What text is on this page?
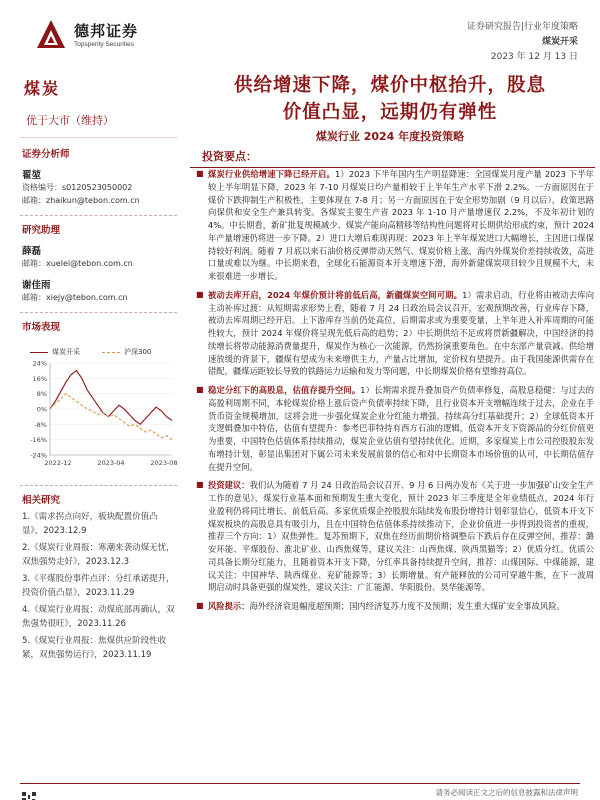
德邦证券
Topsperity Securities
证券研究报告|行业年度策略
煤炭开采
2023 年 12 月 13 日
煤炭
优于大市（维持）
证券分析师
翟堃
资格编号：s0120523050002
邮箱：zhaikun@tebon.com.cn
研究助理
薛磊
邮箱：xuelei@tebon.com.cn
谢佳雨
邮箱：xiejy@tebon.com.cn
市场表现
煤炭开采	沪深300
-24%
-16%
-8%
0%
8%
16%
24%
2022-12	2023-04	2023-08
相关研究
1.《需求拐点向好，板块配置价值凸显》，2023.12.9
2.《煤炭行业周报：寒潮来袭动煤无忧，双焦强势走好》，2023.12.3
3.《平煤股份事件点评：分红承诺提升，投资价值凸显》，2023.11.29
4.《煤炭行业周报：动煤底部再确认，双焦强势很旺》，2023.11.26
5.《煤炭行业周报：焦煤供应阶段性收紧，双焦强势运行》，2023.11.19
供给增速下降，煤价中枢抬升，股息
价值凸显，远期仍有弹性
煤炭行业 2024 年度投资策略
投资要点：
■ 煤炭行业供给增速下降已经开启。1）2023 下半年国内生产明显降速：全国煤炭月度产量 2023 下半年较上半年明显下降，2023 年 7-10 月煤炭日均产量相较于上半年生产水平下滑 2.2%。一方面原因在于煤价下跌抑制生产积极性，主要体现在 7-8 月；另一方面原因在于安全形势加剧（9 月以后），政策思路向保供和安全生产兼具转变。各煤炭主要生产省 2023 年 1-10 月产量增速仅 2.2%，不及年初计划的 4%。中长期看，新矿批复规模减少、煤炭产能向高精移等结构性问题将对长期供给形成约束，预计 2024 年产量增速仍将进一步下降。2）进口大增后难现再现：2023 年上半年煤炭进口大幅增长，主因进口煤保持较好利润。随着 7 月底以来石油价格反弹带动天然气、煤炭价格上涨，海内外煤炭价差持续收敛，高进口量或难以为继。中长期来看，全球化石能源资本开支增速下滑，海外新建煤炭项目较少且规模不大，未来很难进一步增长。
■ 被动去库开启，2024 年煤价预计将前低后高，新疆煤炭空间可期。1）需求启动，行业将由被动去库向主动补库过渡：从短期需求形势上看，随着 7 月 24 日政治局会议召开，宏观预期改善，行业库存下降，被动去库周期已经开启。上下游库存当前仍处高位，后期需求或为重要变量，上半年进入补库周期的可能性较大，预计 2024 年煤价将呈现先低后高的趋势；2）中长期供给不足或将贯新疆解决，中国经济的持续增长将带动能源消费量提升，煤炭作为核心一次能源，仍然扮演重要角色。在中东部产量衰减、供给增速放缓的背景下，疆煤有望成为未来增供主力，产量占比增加，定价权有望提升。由于我国能源供需存在错配，疆煤运距较长导致的铁路运力运输和发力等问题，中长期煤炭价格有望维持高位。
■ 稳定分红下的高股息，估值存提升空间。1）长期需求提升叠加资产负债率修复，高股息稳健：与过去的高盈利周期不同，本轮煤炭价格上涨后资产负债率持续下降，且行业资本开支增幅连续于过去，企业在手货币资金规模增加，这将会进一步强化煤炭企业分红能力增强，持续高分红基础提升；2）全球低资本开支逻辑叠加中特估，估值有望提升：参考巴菲特持有西方石油的逻辑，低资本开支下资源品的分红价值更为重要，中国特色估值体系持续推动，煤炭企业估值有望持续优化。近期，多家煤炭上市公司控股股东发布增持计划，彰显出集团对下属公司未来发展前景的信心和对中长期资本市场价值的认可，中长期估值存在提升空间。
■ 投资建议：我们认为随着 7 月 24 日政治局会议召开、9 月 6 日两办发布《关于进一步加强矿山安全生产工作的意见》，煤炭行业基本面和预期发生重大变化，预计 2023 年三季度是全年业绩低点，2024 年行业盈利仍将同比增长、前低后高。多家优质煤企控股股东陆续发布股份增持计划彰显信心，低资本开支下煤炭板块的高股息具有吸引力，且在中国特色估值体系持续推动下，企业价值进一步得到投资者的重视，推荐三个方向：1）双焦弹性。复苏预期下，双焦在经历前期价格调整后下跌后存在反弹空间，推荐：潞安环能、平煤股份、淮北矿业、山西焦煤等，建议关注：山西焦煤、陕西黑猫等；2）优质分红。优质公司具备长期分红能力，且随着资本开支下降，分红率具备持续提升空间，推荐：山煤国际、中煤能源，建议关注：中国神华、陕西煤业、兖矿能源等；3）长期增量。有产能释放的公司可穿越牛熊，在下一波周期启动时具备更强的煤炭性，建议关注：广汇能源、华阳股份、昊华能源等。
■ 风险提示：海外经济衰退幅度超预期；国内经济复苏力度不及预期；发生重大煤矿安全事故风险。
请务必阅读正文之后的信息披露和法律声明
